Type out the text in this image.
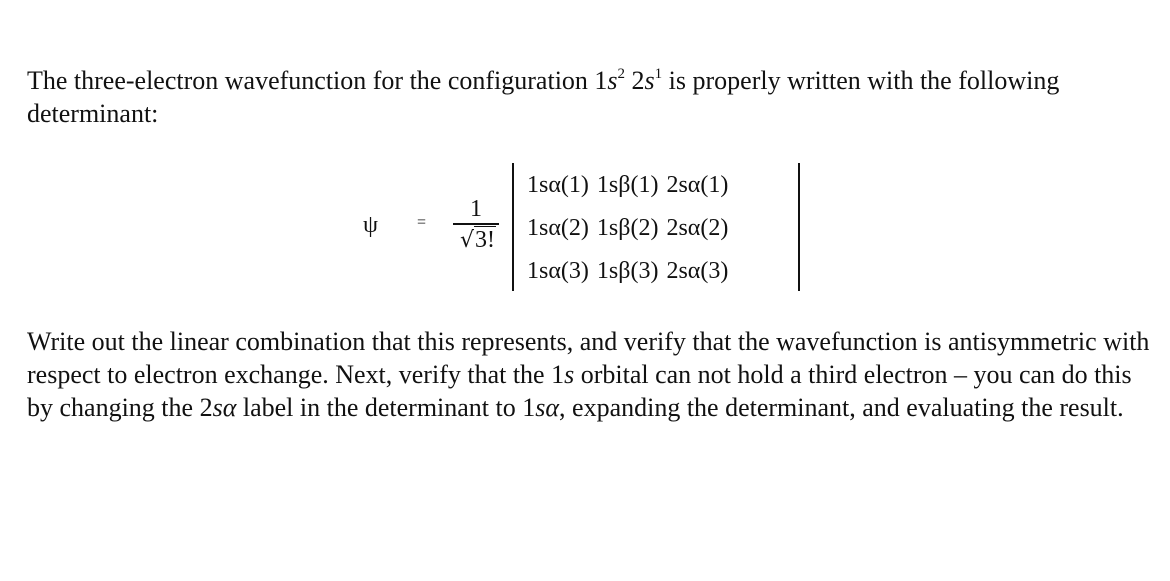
The three-electron wavefunction for the configuration $1s^2$ $2s^1$ is properly written with the following determinant:

ψ =
1
√3!
1sα(1)	1sβ(1)	2sα(1)
1sα(2)	1sβ(2)	2sα(2)
1sα(3)	1sβ(3)	2sα(3)

Write out the linear combination that this represents, and verify that the wavefunction is antisymmetric with respect to electron exchange. Next, verify that the 1s orbital can not hold a third electron – you can do this by changing the 2sα label in the determinant to 1sα, expanding the determinant, and evaluating the result.
